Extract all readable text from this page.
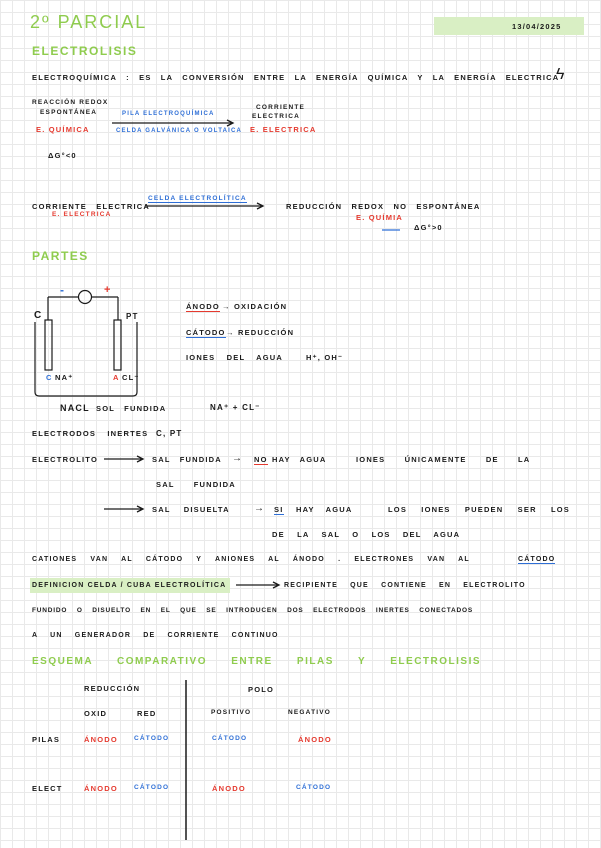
2º PARCIAL	13/04/2025
ELECTROLISIS
ELECTROQUÍMICA : ES LA CONVERSIÓN ENTRE LA ENERGÍA QUÍMICA Y LA ENERGÍA ELECTRICA
ϟ
REACCIÓN REDOX
ESPONTÁNEA
E. QUÍMICA
PILA ELECTROQUÍMICA
CELDA GALVÁNICA O VOLTAICA
CORRIENTE
ELECTRICA
E. ELECTRICA
ΔG°<0
CORRIENTE ELECTRICA
E. ELECTRICA
CELDA ELECTROLÍTICA
REDUCCIÓN REDOX NO ESPONTÁNEA
E. QUÍMIA
ΔG°>0
PARTES
-	+
C	PT
C NA⁺	A CL⁻
ÁNODO → OXIDACIÓN
CÁTODO → REDUCCIÓN
IONES DEL AGUA	H⁺, OH⁻
NACL SOL FUNDIDA	NA⁺ + CL⁻
ELECTRODOS INERTES C, PT
ELECTROLITO	SAL FUNDIDA → NO HAY AGUA	IONES ÚNICAMENTE DE LA
SAL FUNDIDA
SAL DISUELTA → SI HAY AGUA	LOS IONES PUEDEN SER LOS
DE LA SAL O LOS DEL AGUA
CATIONES VAN AL CÁTODO Y ANIONES AL ÁNODO . ELECTRONES VAN AL	CÁTODO
DEFINICION CELDA / CUBA ELECTROLÍTICA	RECIPIENTE QUE CONTIENE EN ELECTROLITO
FUNDIDO O DISUELTO EN EL QUE SE INTRODUCEN DOS ELECTRODOS INERTES CONECTADOS
A UN GENERADOR DE CORRIENTE CONTINUO
ESQUEMA COMPARATIVO ENTRE PILAS Y ELECTROLISIS
REDUCCIÓN	POLO
OXID	RED	POSITIVO	NEGATIVO
PILAS	ÁNODO CÁTODO	CÁTODO	ÁNODO
ELECT	ÁNODO CÁTODO	ÁNODO	CÁTODO
